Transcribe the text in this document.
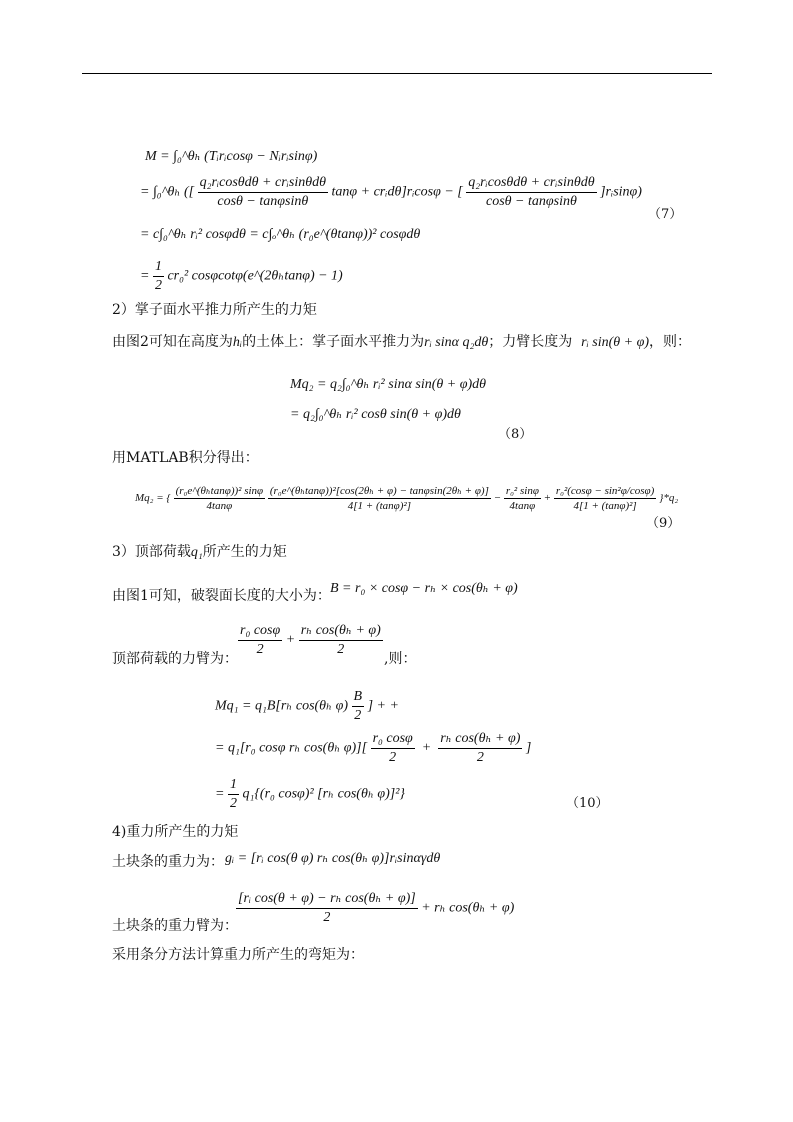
M = ∫₀^θₕ (Tᵢrᵢcosφ − Nᵢrᵢsinφ)
= ∫₀^θₕ ([ $\frac{\text{q₂rᵢcosθdθ + crᵢsinθdθ}}{\cos\theta - \tan\varphi\sin\theta}$ tanφ + crᵢdθ]rᵢcosφ − [ $\frac{\text{q₂rᵢcosθdθ + crᵢsinθdθ}}{\cos\theta - \tan\varphi\sin\theta}$ ]rᵢsinφ)
（7）
= c∫₀^θₕ rᵢ² cosφdθ = c∫ₒ^θₕ (r₀e^(θtanφ))² cosφdθ
= $\frac{1}{2} cr_0^2$ cosφcotφ(e^(2θₕtanφ) − 1)
2）掌子面水平推力所产生的力矩
由图2可知在高度为hᵢ的土体上：掌子面水平推力为rᵢ sinα q₂dθ；力臂长度为 rᵢ sin(θ + φ)，则：
Mq₂ = q₂∫₀^θₕ rᵢ² sinα sin(θ + φ)dθ
= q₂∫₀^θₕ rᵢ² cosθ sin(θ + φ)dθ
（8）
用MATLAB积分得出：
Mq₂ = { $\frac{\text{(r₀e\textasciicircum{}(θₕtanφ))² sinφ}}{4\tan\varphi}$
$\frac{\text{(r₀e\textasciicircum{}(θₕtanφ))²[cos(2θₕ + φ) − tanφsin(2θₕ + φ)]}}{\text{4[1 + (tanφ)²]}} - \frac{\text{r₀² sinφ}}{4\tan\varphi} + \frac{\text{r₀²(cosφ − sin²φ/cosφ)}}{\text{4[1 + (tanφ)²]}} \}*q_2$
（9）
3）顶部荷载q₁所产生的力矩
由图1可知，破裂面长度的大小为： B = r₀ × cosφ − rₕ × cos(θₕ + φ)
顶部荷载的力臂为： $\frac{\text{r₀ cosφ}}{2} + \frac{\text{rₕ cos(θₕ + φ)}}{2}$ ,则：
Mq₁ = q₁B[rₕ cos(θₕ $\varphi) \frac{B}{2}$ ] + +
= q₁[r₀ cosφ rₕ cos(θₕ $\varphi)][ \frac{\text{r₀ cosφ}}{2} + \frac{\text{rₕ cos(θₕ + φ)}}{2}$ ]
= $\frac{1}{2} q_1\{(r_0$ cosφ)² [rₕ cos(θₕ φ)]²}
（10）
4)重力所产生的力矩
土块条的重力为： gᵢ = [rᵢ cos(θ φ) rₕ cos(θₕ φ)]rᵢsinαγdθ
土块条的重力臂为：
$\frac{\text{[rᵢ cos(θ + φ) − rₕ cos(θₕ + φ)]}}{2} + r_h$ cos(θₕ + φ)
采用条分方法计算重力所产生的弯矩为：
